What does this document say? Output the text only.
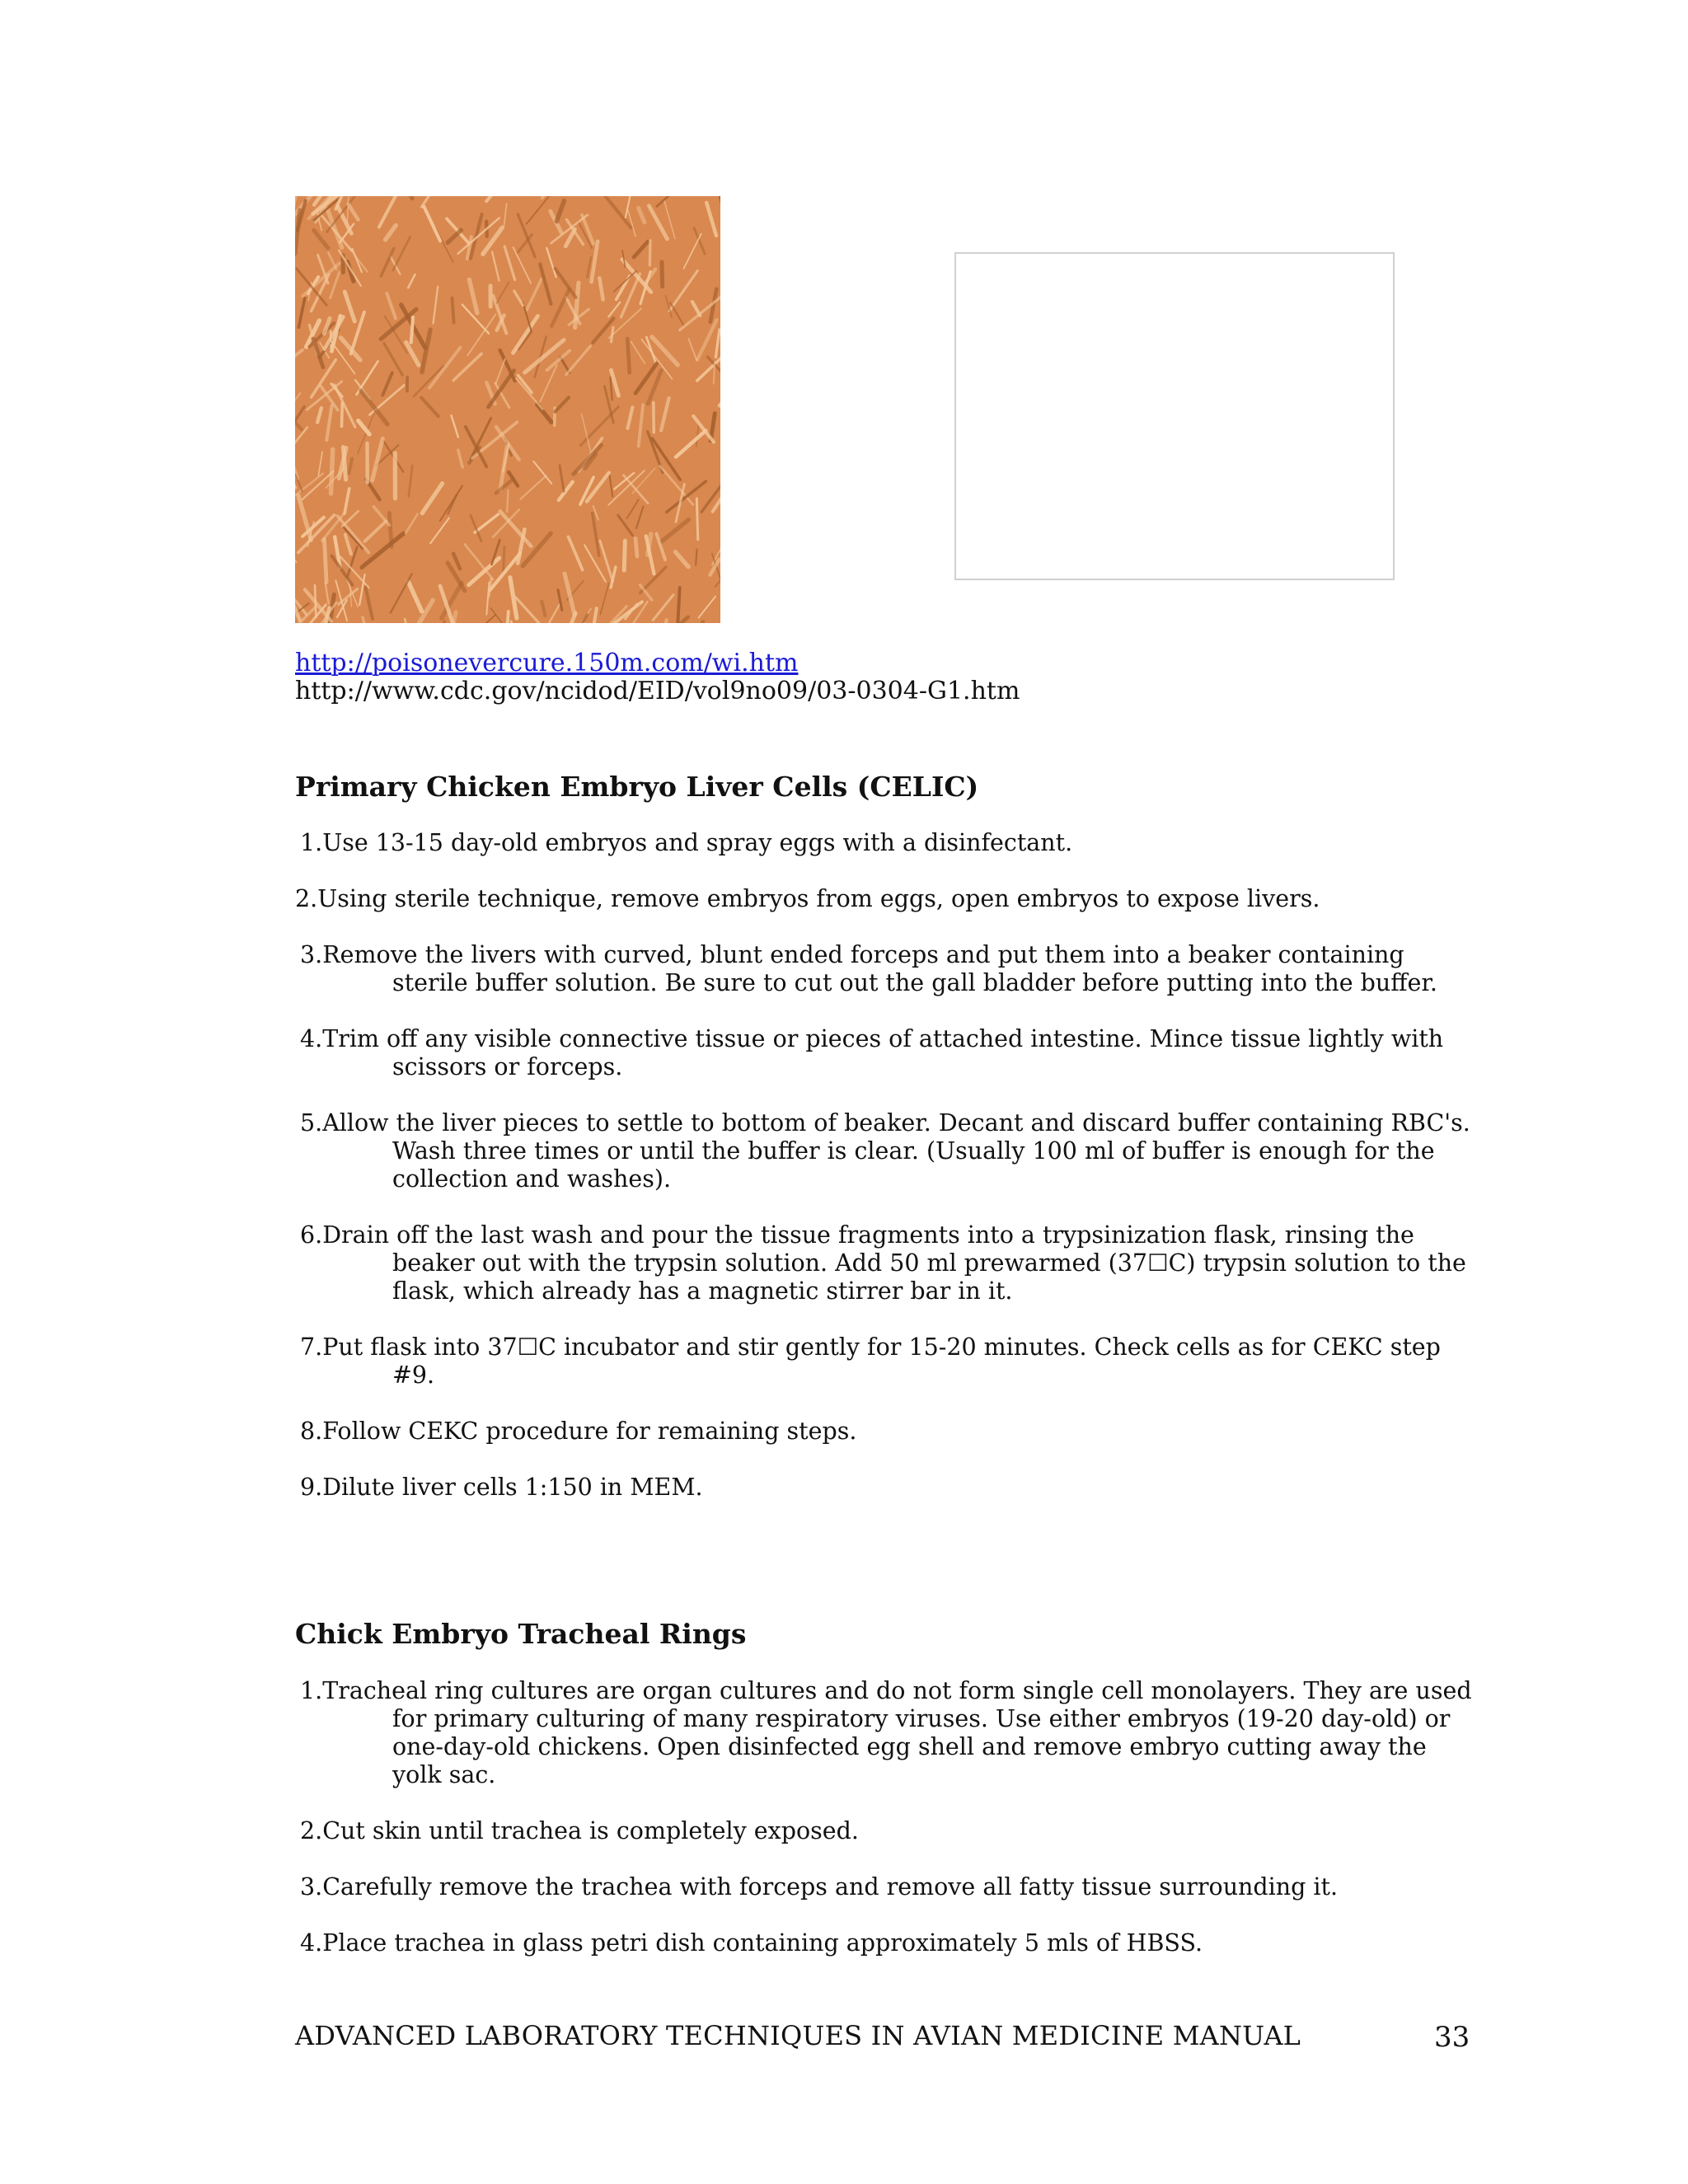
http://poisonevercure.150m.com/wi.htm
http://www.cdc.gov/ncidod/EID/vol9no09/03-0304-G1.htm
Primary Chicken Embryo Liver Cells (CELIC)
1.Use 13-15 day-old embryos and spray eggs with a disinfectant.
2.Using sterile technique, remove embryos from eggs, open embryos to expose livers.
3.Remove the livers with curved, blunt ended forceps and put them into a beaker containing sterile buffer solution. Be sure to cut out the gall bladder before putting into the buffer.
4.Trim off any visible connective tissue or pieces of attached intestine. Mince tissue lightly with scissors or forceps.
5.Allow the liver pieces to settle to bottom of beaker. Decant and discard buffer containing RBC's. Wash three times or until the buffer is clear. (Usually 100 ml of buffer is enough for the collection and washes).
6.Drain off the last wash and pour the tissue fragments into a trypsinization flask, rinsing the beaker out with the trypsin solution. Add 50 ml prewarmed (37☐C) trypsin solution to the flask, which already has a magnetic stirrer bar in it.
7.Put flask into 37☐C incubator and stir gently for 15-20 minutes. Check cells as for CEKC step #9.
8.Follow CEKC procedure for remaining steps.
9.Dilute liver cells 1:150 in MEM.
Chick Embryo Tracheal Rings
1.Tracheal ring cultures are organ cultures and do not form single cell monolayers. They are used for primary culturing of many respiratory viruses. Use either embryos (19-20 day-old) or one-day-old chickens. Open disinfected egg shell and remove embryo cutting away the yolk sac.
2.Cut skin until trachea is completely exposed.
3.Carefully remove the trachea with forceps and remove all fatty tissue surrounding it.
4.Place trachea in glass petri dish containing approximately 5 mls of HBSS.
ADVANCED LABORATORY TECHNIQUES IN AVIAN MEDICINE MANUAL	33
